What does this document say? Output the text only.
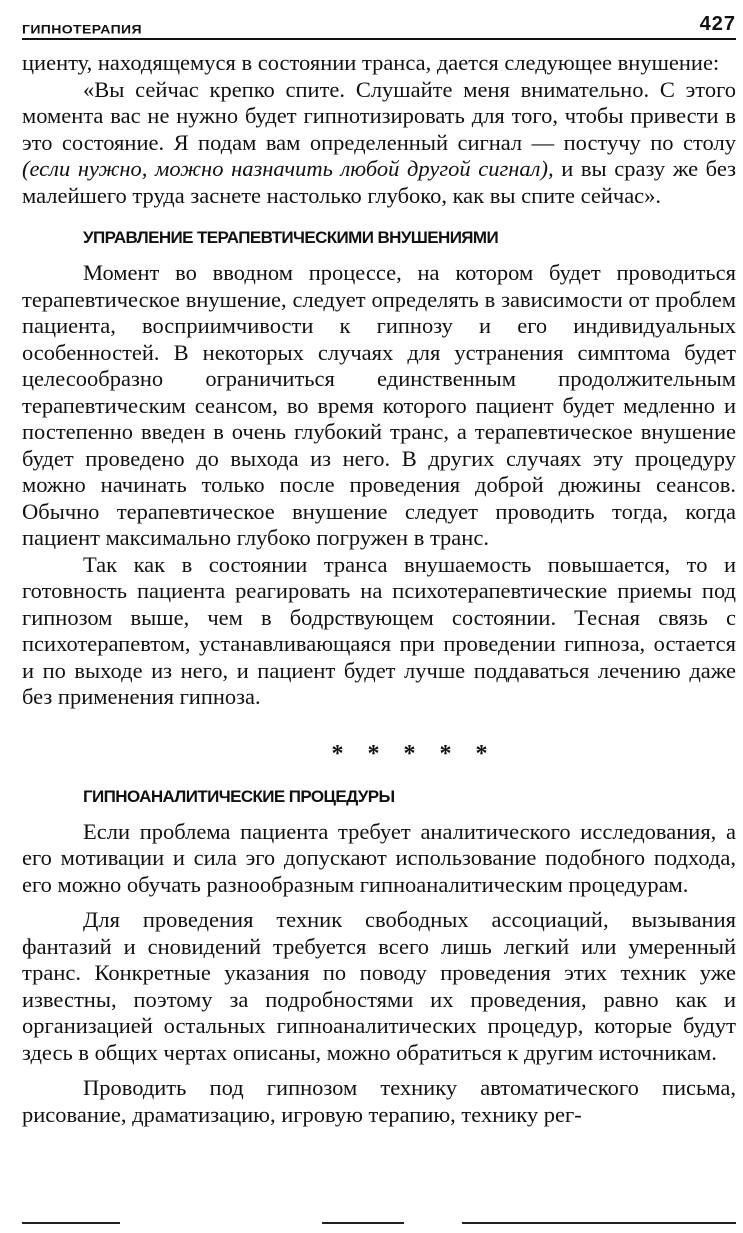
ГИПНОТЕРАПИЯ	427

циенту, находящемуся в состоянии транса, дается следующее внушение:

«Вы сейчас крепко спите. Слушайте меня внимательно. С этого момента вас не нужно будет гипнотизировать для того, чтобы привести в это состояние. Я подам вам определенный сигнал — постучу по столу (если нужно, можно назначить любой другой сигнал), и вы сразу же без малейшего труда заснете настолько глубоко, как вы спите сейчас».

УПРАВЛЕНИЕ ТЕРАПЕВТИЧЕСКИМИ ВНУШЕНИЯМИ

Момент во вводном процессе, на котором будет проводиться терапевтическое внушение, следует определять в зависимости от проблем пациента, восприимчивости к гипнозу и его индивидуальных особенностей. В некоторых случаях для устранения симптома будет целесообразно ограничиться единственным продолжительным терапевтическим сеансом, во время которого пациент будет медленно и постепенно введен в очень глубокий транс, а терапевтическое внушение будет проведено до выхода из него. В других случаях эту процедуру можно начинать только после проведения доброй дюжины сеансов. Обычно терапевтическое внушение следует проводить тогда, когда пациент максимально глубоко погружен в транс.

Так как в состоянии транса внушаемость повышается, то и готовность пациента реагировать на психотерапевтические приемы под гипнозом выше, чем в бодрствующем состоянии. Тесная связь с психотерапевтом, устанавливающаяся при проведении гипноза, остается и по выходе из него, и пациент будет лучше поддаваться лечению даже без применения гипноза.

* * * * *
ГИПНОАНАЛИТИЧЕСКИЕ ПРОЦЕДУРЫ

Если проблема пациента требует аналитического исследования, а его мотивации и сила эго допускают использование подобного подхода, его можно обучать разнообразным гипноаналитическим процедурам.

Для проведения техник свободных ассоциаций, вызывания фантазий и сновидений требуется всего лишь легкий или умеренный транс. Конкретные указания по поводу проведения этих техник уже известны, поэтому за подробностями их проведения, равно как и организацией остальных гипноаналитических процедур, которые будут здесь в общих чертах описаны, можно обратиться к другим источникам.

Проводить под гипнозом технику автоматического письма, рисование, драматизацию, игровую терапию, технику рег-
